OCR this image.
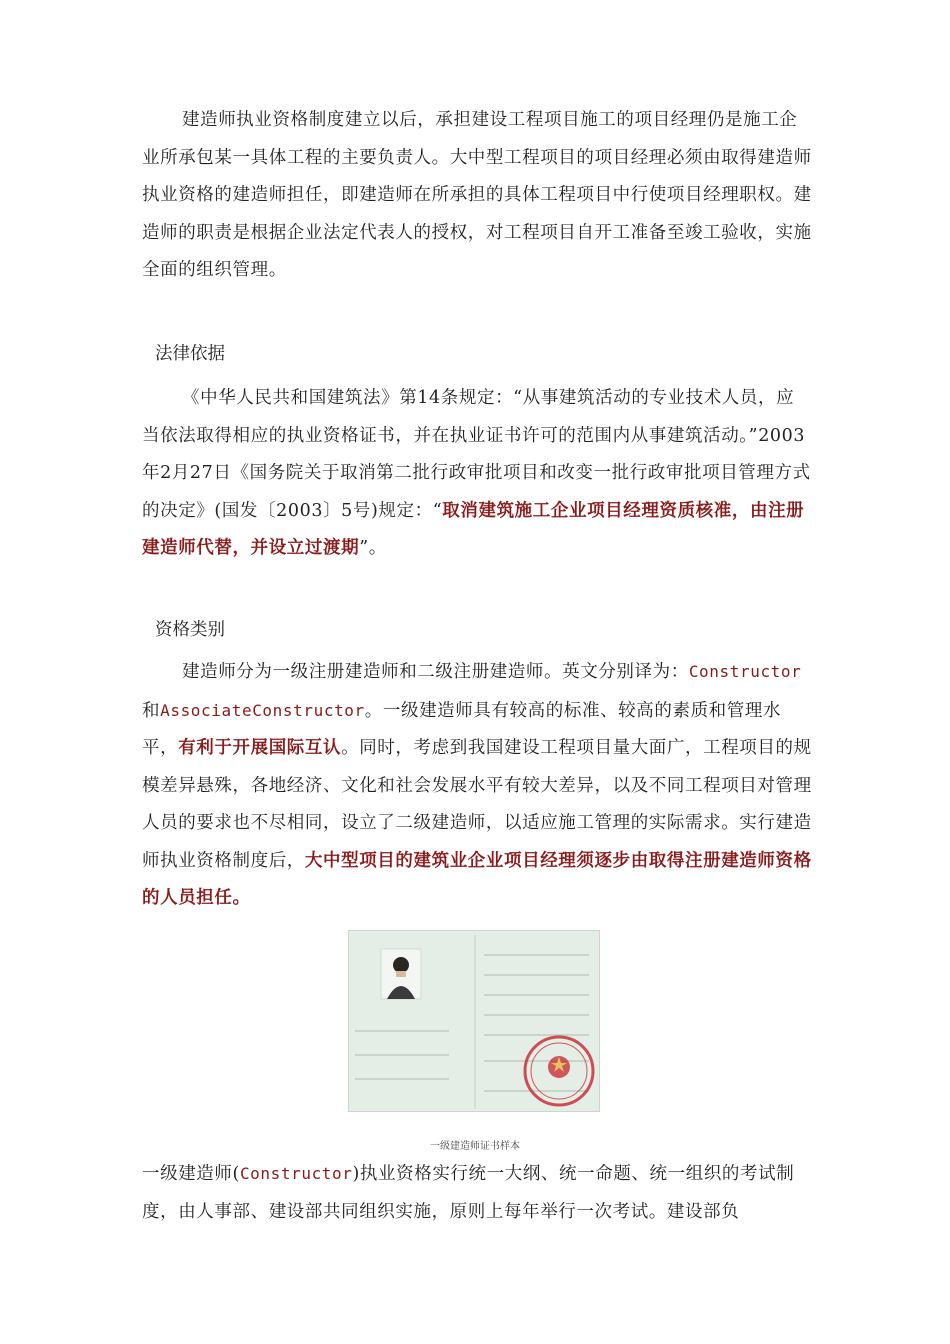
建造师执业资格制度建立以后，承担建设工程项目施工的项目经理仍是施工企业所承包某一具体工程的主要负责人。大中型工程项目的项目经理必须由取得建造师执业资格的建造师担任，即建造师在所承担的具体工程项目中行使项目经理职权。建造师的职责是根据企业法定代表人的授权，对工程项目自开工准备至竣工验收，实施全面的组织管理。

法律依据

《中华人民共和国建筑法》第14条规定：“从事建筑活动的专业技术人员，应当依法取得相应的执业资格证书，并在执业证书许可的范围内从事建筑活动。”2003年2月27日《国务院关于取消第二批行政审批项目和改变一批行政审批项目管理方式的决定》(国发〔2003〕5号)规定：“取消建筑施工企业项目经理资质核准，由注册建造师代替，并设立过渡期”。

资格类别

建造师分为一级注册建造师和二级注册建造师。英文分别译为：Constructor和AssociateConstructor。一级建造师具有较高的标准、较高的素质和管理水平，有利于开展国际互认。同时，考虑到我国建设工程项目量大面广，工程项目的规模差异悬殊，各地经济、文化和社会发展水平有较大差异，以及不同工程项目对管理人员的要求也不尽相同，设立了二级建造师，以适应施工管理的实际需求。实行建造师执业资格制度后，大中型项目的建筑业企业项目经理须逐步由取得注册建造师资格的人员担任。

一级建造师证书样本

一级建造师(Constructor)执业资格实行统一大纲、统一命题、统一组织的考试制度，由人事部、建设部共同组织实施，原则上每年举行一次考试。建设部负
